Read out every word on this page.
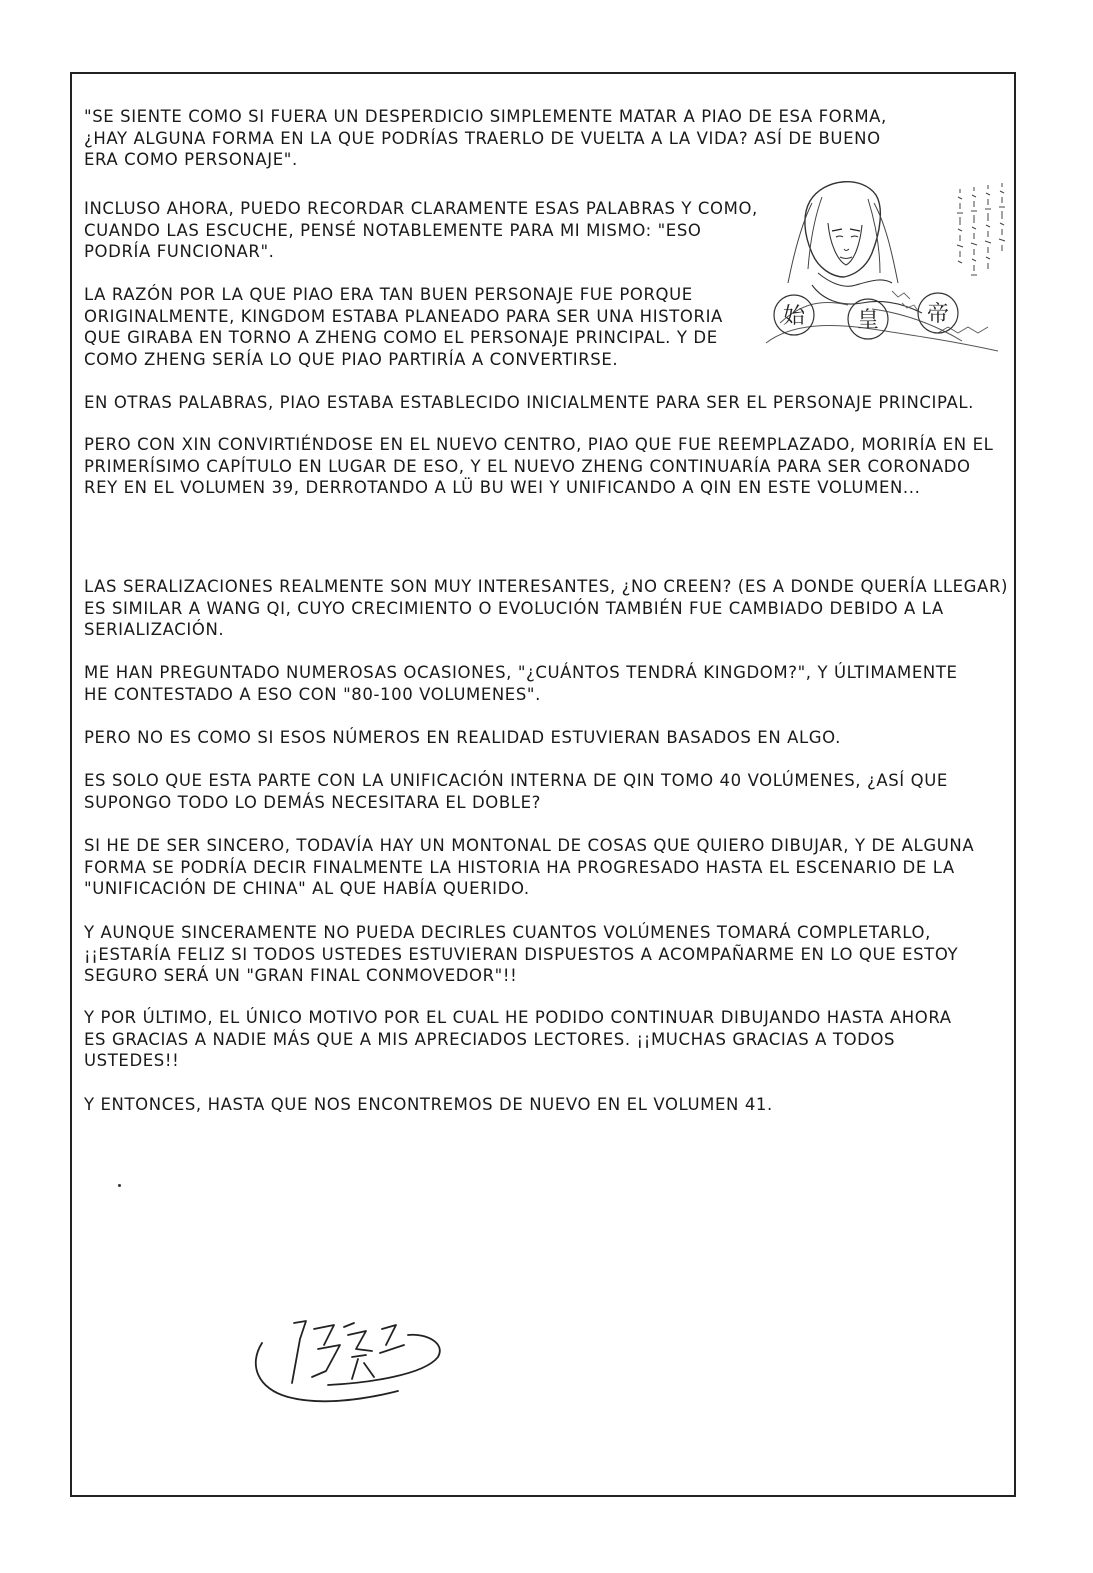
"SE SIENTE COMO SI FUERA UN DESPERDICIO SIMPLEMENTE MATAR A PIAO DE ESA FORMA, ¿HAY ALGUNA FORMA EN LA QUE PODRÍAS TRAERLO DE VUELTA A LA VIDA? ASÍ DE BUENO ERA COMO PERSONAJE".

INCLUSO AHORA, PUEDO RECORDAR CLARAMENTE ESAS PALABRAS Y COMO, CUANDO LAS ESCUCHE, PENSÉ NOTABLEMENTE PARA MI MISMO: "ESO PODRÍA FUNCIONAR".

LA RAZÓN POR LA QUE PIAO ERA TAN BUEN PERSONAJE FUE PORQUE ORIGINALMENTE, KINGDOM ESTABA PLANEADO PARA SER UNA HISTORIA QUE GIRABA EN TORNO A ZHENG COMO EL PERSONAJE PRINCIPAL. Y DE COMO ZHENG SERÍA LO QUE PIAO PARTIRÍA A CONVERTIRSE.

EN OTRAS PALABRAS, PIAO ESTABA ESTABLECIDO INICIALMENTE PARA SER EL PERSONAJE PRINCIPAL.

PERO CON XIN CONVIRTIÉNDOSE EN EL NUEVO CENTRO, PIAO QUE FUE REEMPLAZADO, MORIRÍA EN EL PRIMERÍSIMO CAPÍTULO EN LUGAR DE ESO, Y EL NUEVO ZHENG CONTINUARÍA PARA SER CORONADO REY EN EL VOLUMEN 39, DERROTANDO A LÜ BU WEI Y UNIFICANDO A QIN EN ESTE VOLUMEN...

LAS SERALIZACIONES REALMENTE SON MUY INTERESANTES, ¿NO CREEN? (ES A DONDE QUERÍA LLEGAR) ES SIMILAR A WANG QI, CUYO CRECIMIENTO O EVOLUCIÓN TAMBIÉN FUE CAMBIADO DEBIDO A LA SERIALIZACIÓN.

ME HAN PREGUNTADO NUMEROSAS OCASIONES, "¿CUÁNTOS TENDRÁ KINGDOM?", Y ÚLTIMAMENTE HE CONTESTADO A ESO CON "80-100 VOLUMENES".

PERO NO ES COMO SI ESOS NÚMEROS EN REALIDAD ESTUVIERAN BASADOS EN ALGO.

ES SOLO QUE ESTA PARTE CON LA UNIFICACIÓN INTERNA DE QIN TOMO 40 VOLÚMENES, ¿ASÍ QUE SUPONGO TODO LO DEMÁS NECESITARA EL DOBLE?

SI HE DE SER SINCERO, TODAVÍA HAY UN MONTONAL DE COSAS QUE QUIERO DIBUJAR, Y DE ALGUNA FORMA SE PODRÍA DECIR FINALMENTE LA HISTORIA HA PROGRESADO HASTA EL ESCENARIO DE LA "UNIFICACIÓN DE CHINA" AL QUE HABÍA QUERIDO.

Y AUNQUE SINCERAMENTE NO PUEDA DECIRLES CUANTOS VOLÚMENES TOMARÁ COMPLETARLO, ¡¡ESTARÍA FELIZ SI TODOS USTEDES ESTUVIERAN DISPUESTOS A ACOMPAÑARME EN LO QUE ESTOY SEGURO SERÁ UN "GRAN FINAL CONMOVEDOR"!!

Y POR ÚLTIMO, EL ÚNICO MOTIVO POR EL CUAL HE PODIDO CONTINUAR DIBUJANDO HASTA AHORA ES GRACIAS A NADIE MÁS QUE A MIS APRECIADOS LECTORES. ¡¡MUCHAS GRACIAS A TODOS USTEDES!!

Y ENTONCES, HASTA QUE NOS ENCONTREMOS DE NUEVO EN EL VOLUMEN 41.

始 皇 帝
